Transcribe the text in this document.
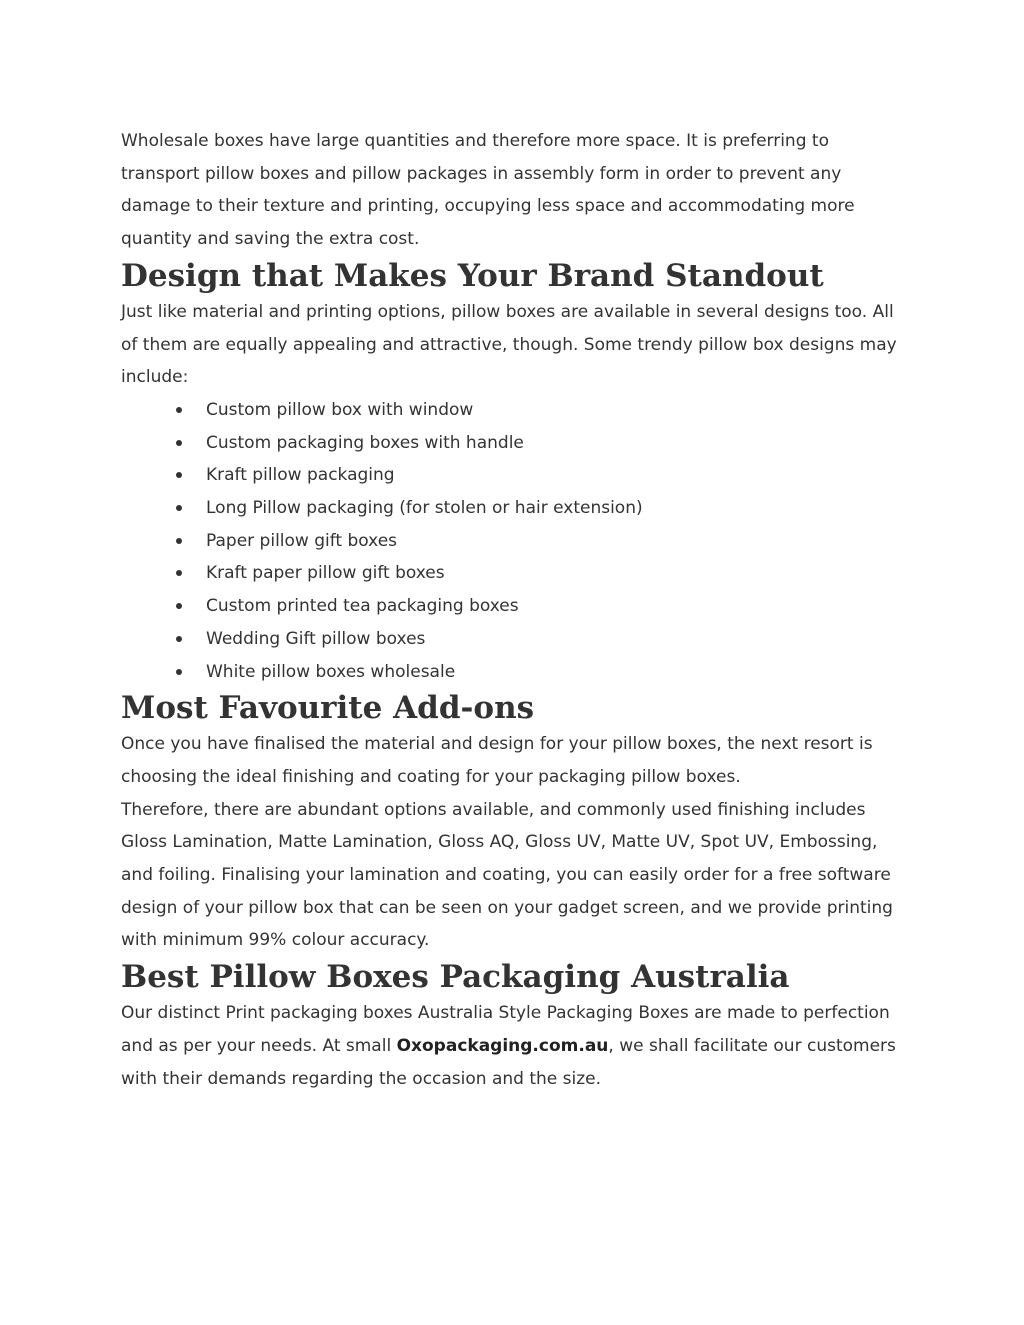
Wholesale boxes have large quantities and therefore more space. It is preferring to transport pillow boxes and pillow packages in assembly form in order to prevent any damage to their texture and printing, occupying less space and accommodating more quantity and saving the extra cost.

Design that Makes Your Brand Standout

Just like material and printing options, pillow boxes are available in several designs too. All of them are equally appealing and attractive, though. Some trendy pillow box designs may include:

Custom pillow box with window
Custom packaging boxes with handle
Kraft pillow packaging
Long Pillow packaging (for stolen or hair extension)
Paper pillow gift boxes
Kraft paper pillow gift boxes
Custom printed tea packaging boxes
Wedding Gift pillow boxes
White pillow boxes wholesale
Most Favourite Add-ons

Once you have finalised the material and design for your pillow boxes, the next resort is choosing the ideal finishing and coating for your packaging pillow boxes.

Therefore, there are abundant options available, and commonly used finishing includes Gloss Lamination, Matte Lamination, Gloss AQ, Gloss UV, Matte UV, Spot UV, Embossing, and foiling. Finalising your lamination and coating, you can easily order for a free software design of your pillow box that can be seen on your gadget screen, and we provide printing with minimum 99% colour accuracy.

Best Pillow Boxes Packaging Australia

Our distinct Print packaging boxes Australia Style Packaging Boxes are made to perfection and as per your needs. At small Oxopackaging.com.au, we shall facilitate our customers with their demands regarding the occasion and the size.
